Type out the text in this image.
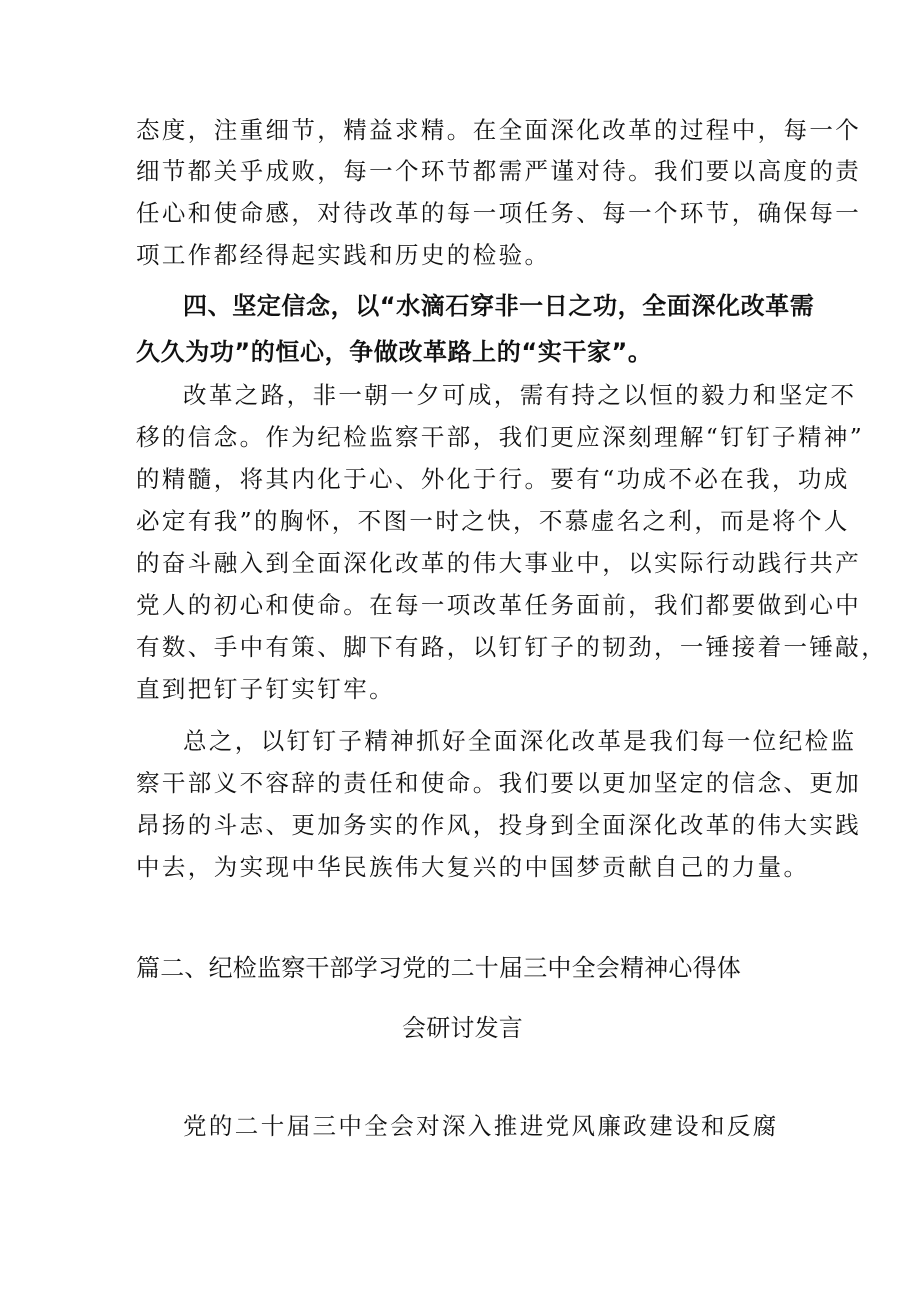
态度，注重细节，精益求精。在全面深化改革的过程中，每一个
细节都关乎成败，每一个环节都需严谨对待。我们要以高度的责
任心和使命感，对待改革的每一项任务、每一个环节，确保每一
项工作都经得起实践和历史的检验。
四、坚定信念，以“水滴石穿非一日之功，全面深化改革需
久久为功”的恒心，争做改革路上的“实干家”。
改革之路，非一朝一夕可成，需有持之以恒的毅力和坚定不
移的信念。作为纪检监察干部，我们更应深刻理解“钉钉子精神”
的精髓，将其内化于心、外化于行。要有“功成不必在我，功成
必定有我”的胸怀，不图一时之快，不慕虚名之利，而是将个人
的奋斗融入到全面深化改革的伟大事业中，以实际行动践行共产
党人的初心和使命。在每一项改革任务面前，我们都要做到心中
有数、手中有策、脚下有路，以钉钉子的韧劲，一锤接着一锤敲，
直到把钉子钉实钉牢。
总之，以钉钉子精神抓好全面深化改革是我们每一位纪检监
察干部义不容辞的责任和使命。我们要以更加坚定的信念、更加
昂扬的斗志、更加务实的作风，投身到全面深化改革的伟大实践
中去，为实现中华民族伟大复兴的中国梦贡献自己的力量。
篇二、纪检监察干部学习党的二十届三中全会精神心得体
会研讨发言
党的二十届三中全会对深入推进党风廉政建设和反腐
